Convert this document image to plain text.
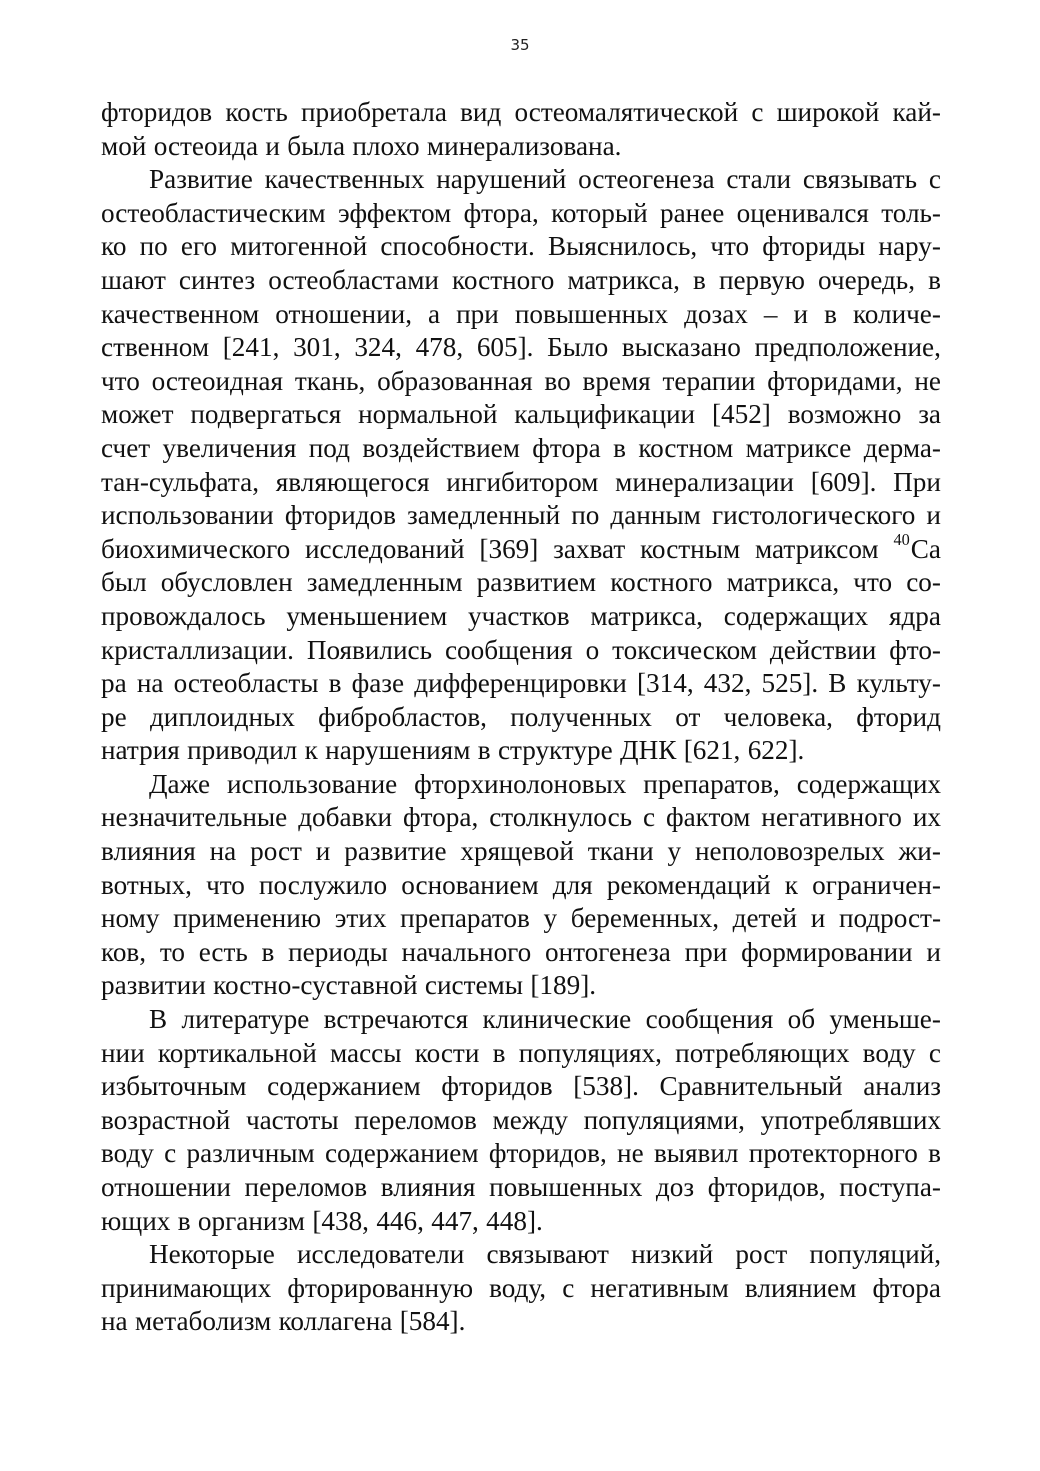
35
фторидов кость приобретала вид остеомалятической с широкой кай-
мой остеоида и была плохо минерализована.
Развитие качественных нарушений остеогенеза стали связывать с
остеобластическим эффектом фтора, который ранее оценивался толь-
ко по его митогенной способности. Выяснилось, что фториды нару-
шают синтез остеобластами костного матрикса, в первую очередь, в
качественном отношении, а при повышенных дозах – и в количе-
ственном [241, 301, 324, 478, 605]. Было высказано предположение,
что остеоидная ткань, образованная во время терапии фторидами, не
может подвергаться нормальной кальцификации [452] возможно за
счет увеличения под воздействием фтора в костном матриксе дерма-
тан-сульфата, являющегося ингибитором минерализации [609]. При
использовании фторидов замедленный по данным гистологического и
биохимического исследований [369] захват костным матриксом $^{40}$Ca
был обусловлен замедленным развитием костного матрикса, что со-
провождалось уменьшением участков матрикса, содержащих ядра
кристаллизации. Появились сообщения о токсическом действии фто-
ра на остеобласты в фазе дифференцировки [314, 432, 525]. В культу-
ре диплоидных фибробластов, полученных от человека, фторид
натрия приводил к нарушениям в структуре ДНК [621, 622].
Даже использование фторхинолоновых препаратов, содержащих
незначительные добавки фтора, столкнулось с фактом негативного их
влияния на рост и развитие хрящевой ткани у неполовозрелых жи-
вотных, что послужило основанием для рекомендаций к ограничен-
ному применению этих препаратов у беременных, детей и подрост-
ков, то есть в периоды начального онтогенеза при формировании и
развитии костно-суставной системы [189].
В литературе встречаются клинические сообщения об уменьше-
нии кортикальной массы кости в популяциях, потребляющих воду с
избыточным содержанием фторидов [538]. Сравнительный анализ
возрастной частоты переломов между популяциями, употреблявших
воду с различным содержанием фторидов, не выявил протекторного в
отношении переломов влияния повышенных доз фторидов, поступа-
ющих в организм [438, 446, 447, 448].
Некоторые исследователи связывают низкий рост популяций,
принимающих фторированную воду, с негативным влиянием фтора
на метаболизм коллагена [584].
